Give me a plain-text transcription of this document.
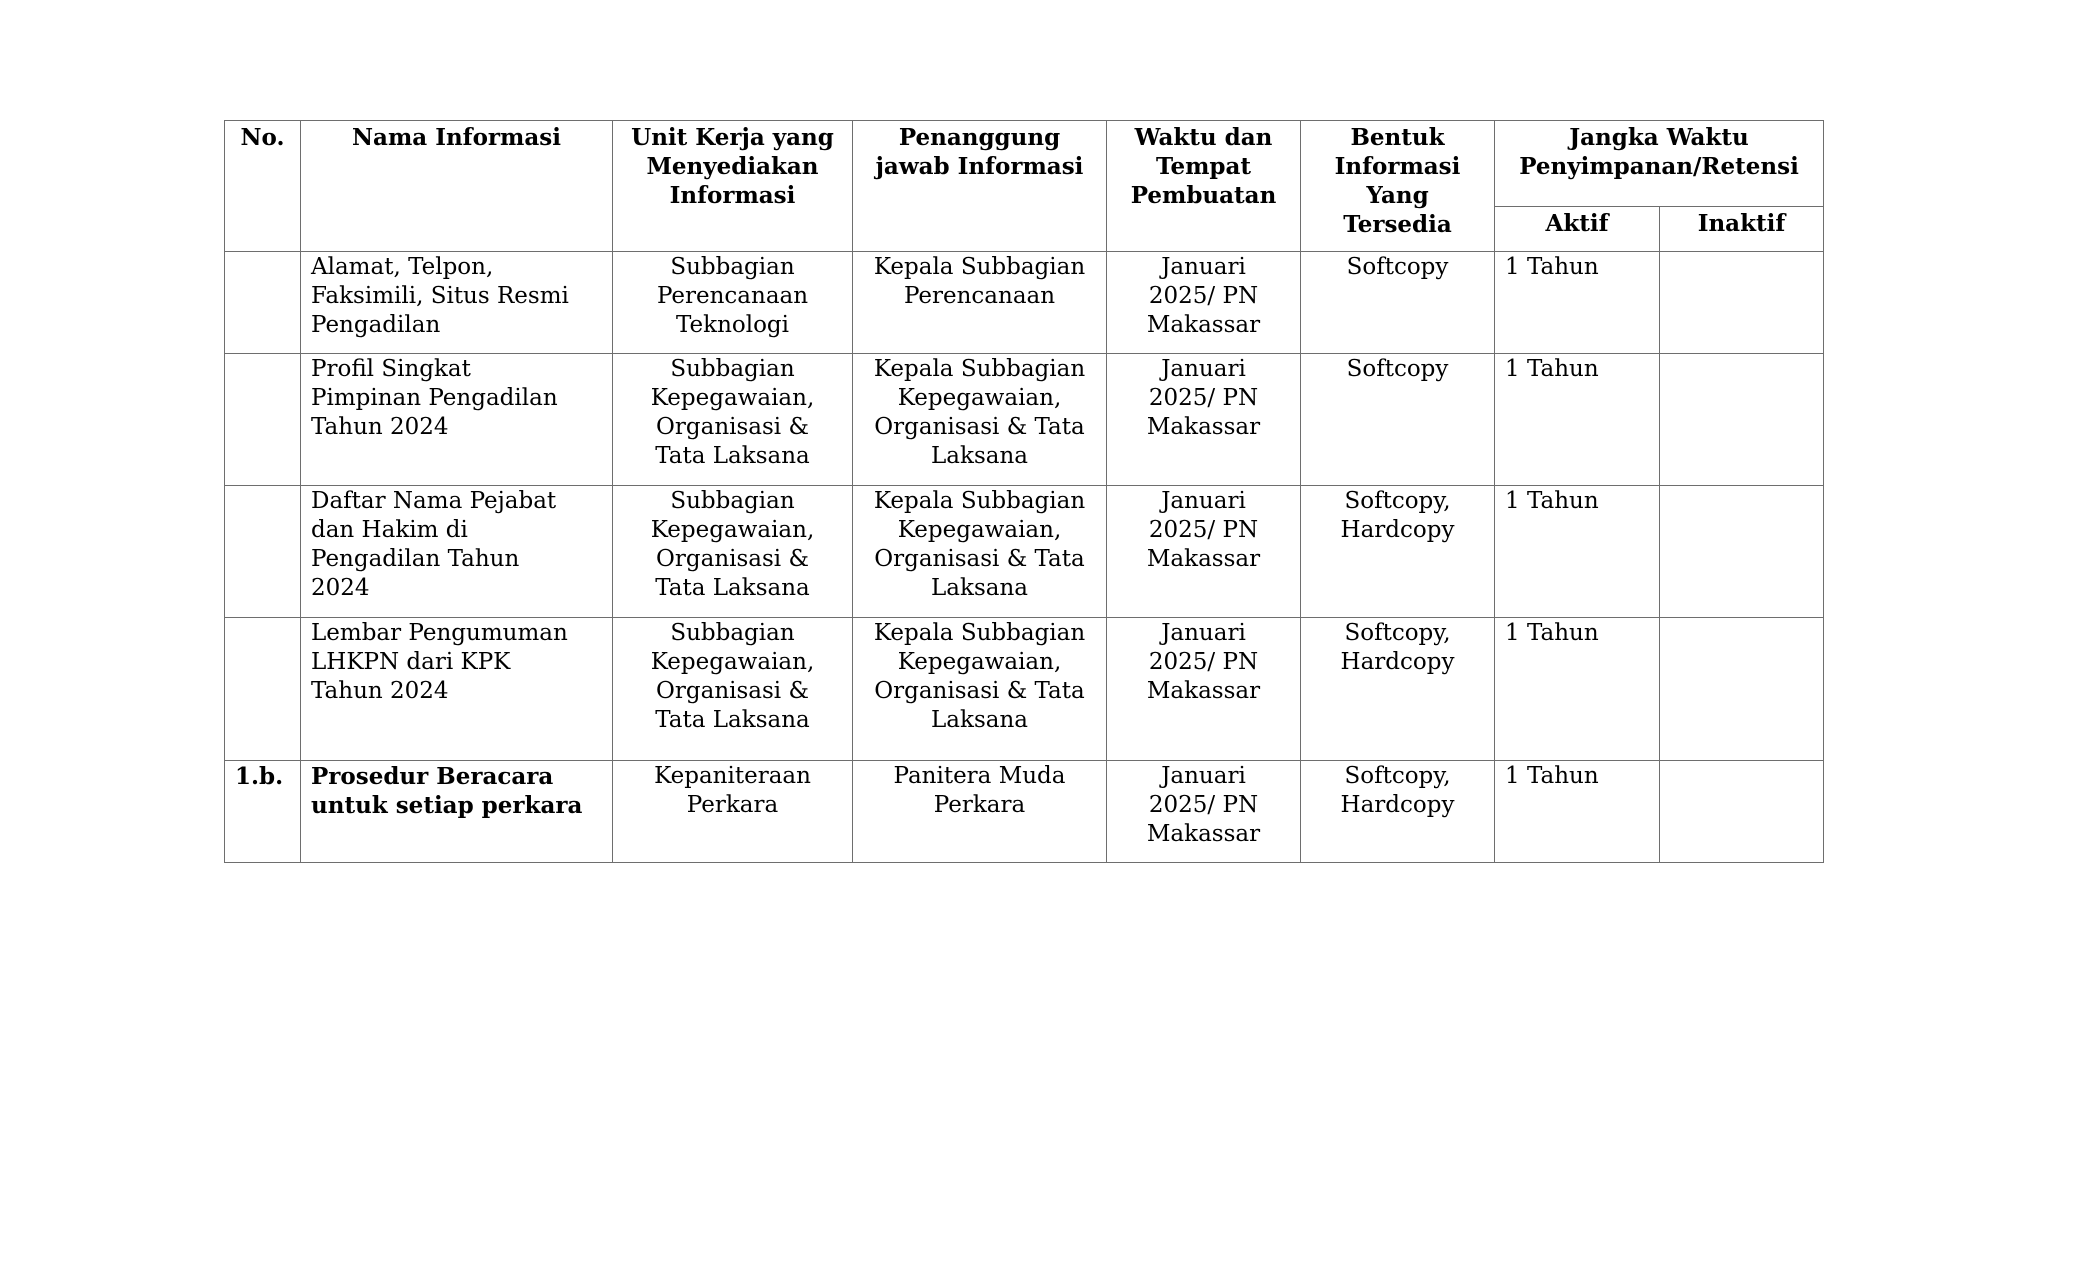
No.	Nama Informasi	Unit Kerja yang
Menyediakan
Informasi	Penanggung
jawab Informasi	Waktu dan
Tempat
Pembuatan	Bentuk
Informasi
Yang
Tersedia	Jangka Waktu
Penyimpanan/Retensi	

						Aktif	Inaktif

	Alamat, Telpon,
Faksimili, Situs Resmi
Pengadilan	Subbagian
Perencanaan
Teknologi	Kepala Subbagian
Perencanaan	Januari
2025/ PN
Makassar	Softcopy	1 Tahun	

	Profil Singkat
Pimpinan Pengadilan
Tahun 2024	Subbagian
Kepegawaian,
Organisasi &
Tata Laksana	Kepala Subbagian
Kepegawaian,
Organisasi & Tata
Laksana	Januari
2025/ PN
Makassar	Softcopy	1 Tahun	

	Daftar Nama Pejabat
dan Hakim di
Pengadilan Tahun
2024	Subbagian
Kepegawaian,
Organisasi &
Tata Laksana	Kepala Subbagian
Kepegawaian,
Organisasi & Tata
Laksana	Januari
2025/ PN
Makassar	Softcopy,
Hardcopy	1 Tahun	

	Lembar Pengumuman
LHKPN dari KPK
Tahun 2024	Subbagian
Kepegawaian,
Organisasi &
Tata Laksana	Kepala Subbagian
Kepegawaian,
Organisasi & Tata
Laksana	Januari
2025/ PN
Makassar	Softcopy,
Hardcopy	1 Tahun	
1.b.	Prosedur Beracara
untuk setiap perkara	Kepaniteraan
Perkara	Panitera Muda
Perkara	Januari
2025/ PN
Makassar	Softcopy,
Hardcopy	1 Tahun	
